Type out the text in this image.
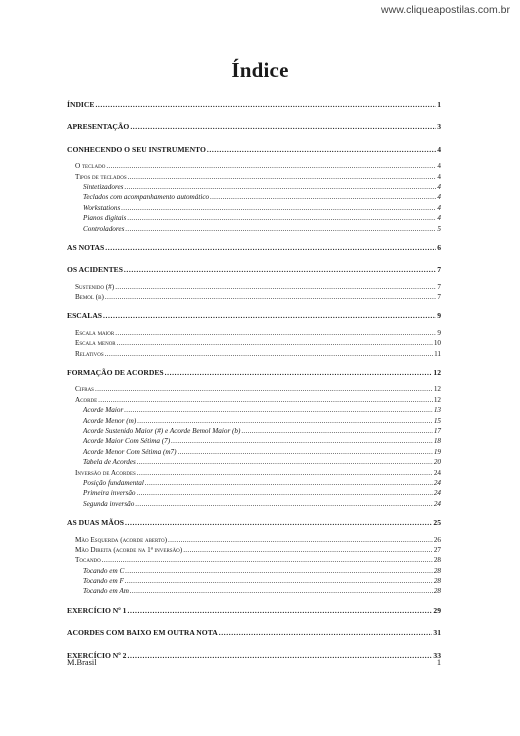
www.cliqueapostilas.com.br
Índice
ÍNDICE .....	1
APRESENTAÇÃO .....	3
CONHECENDO O SEU INSTRUMENTO .....	4
O teclado .....	4
Tipos de teclados .....	4
Sintetizadores .....	4
Teclados com acompanhamento automático .....	4
Workstations .....	4
Pianos digitais .....	4
Controladores .....	5
AS NOTAS .....	6
OS ACIDENTES .....	7
Sustenido (#) .....	7
Bemol (b) .....	7
ESCALAS .....	9
Escala maior .....	9
Escala menor .....	10
Relativos .....	11
FORMAÇÃO DE ACORDES .....	12
Cifras .....	12
Acorde .....	12
Acorde Maior .....	13
Acorde Menor (m) .....	15
Acorde Sustenido Maior (#) e Acorde Bemol Maior (b) .....	17
Acorde Maior Com Sétima (7) .....	18
Acorde Menor Com Sétima (m7) .....	19
Tabela de Acordes .....	20
Inversão de Acordes .....	24
Posição fundamental .....	24
Primeira inversão .....	24
Segunda inversão .....	24
AS DUAS MÃOS .....	25
Mão Esquerda (acorde aberto) .....	26
Mão Direita (acorde na 1ª inversão) .....	27
Tocando .....	28
Tocando em C .....	28
Tocando em F .....	28
Tocando em Am .....	28
EXERCÍCIO Nº 1 .....	29
ACORDES COM BAIXO EM OUTRA NOTA .....	31
EXERCÍCIO Nº 2 .....	33
M.Brasil	1
